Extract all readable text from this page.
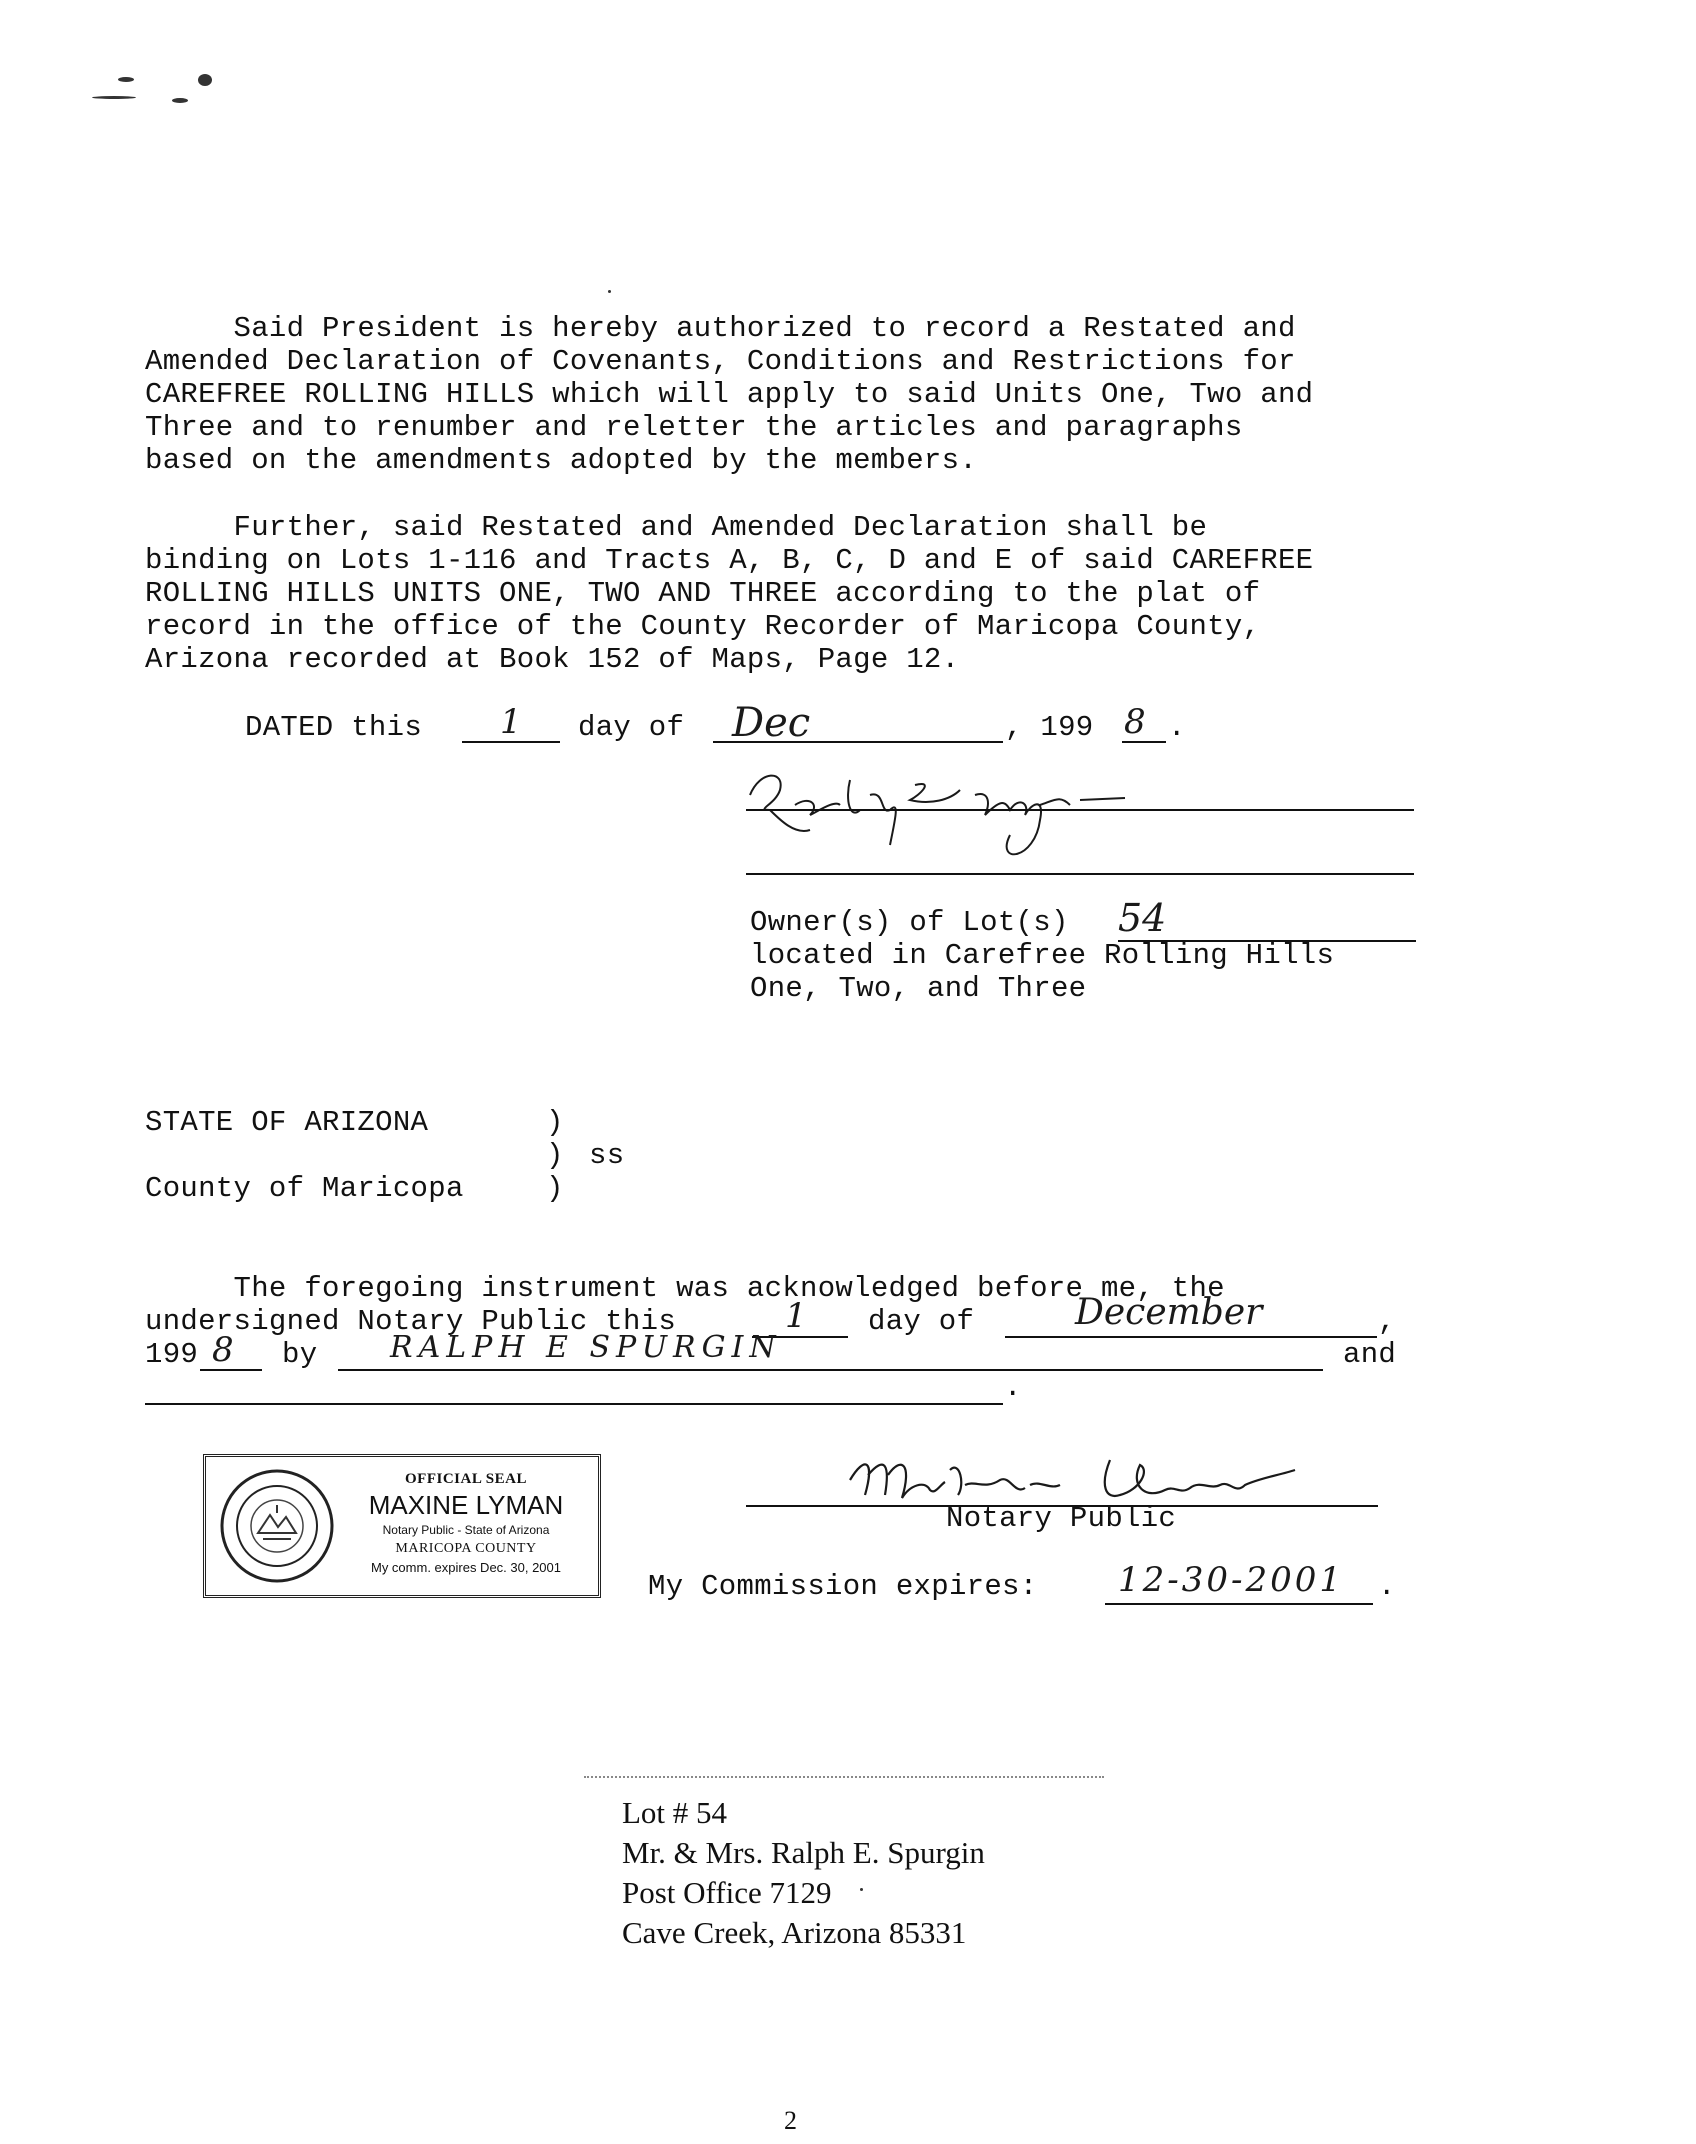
Said President is hereby authorized to record a Restated and
Amended Declaration of Covenants, Conditions and Restrictions for
CAREFREE ROLLING HILLS which will apply to said Units One, Two and
Three and to renumber and reletter the articles and paragraphs
based on the amendments adopted by the members.
Further, said Restated and Amended Declaration shall be
binding on Lots 1-116 and Tracts A, B, C, D and E of said CAREFREE
ROLLING HILLS UNITS ONE, TWO AND THREE according to the plat of
record in the office of the County Recorder of Maricopa County,
Arizona recorded at Book 152 of Maps, Page 12.
DATED this 1 day of Dec	, 199 8 .
Owner(s) of Lot(s) 54
located in Carefree Rolling Hills
One, Two, and Three
STATE OF ARIZONA	)
) ss
County of Maricopa	)
The foregoing instrument was acknowledged before me, the
undersigned Notary Public this	1 day of	December	,
199 8 by RALPH E SPURGIN	and
.
OFFICIAL SEAL
MAXINE LYMAN
Notary Public - State of Arizona
MARICOPA COUNTY
My comm. expires Dec. 30, 2001
Notary Public
My Commission expires: 12-30-2001 .
Lot # 54
Mr. & Mrs. Ralph E. Spurgin
Post Office 7129
Cave Creek, Arizona 85331
2
